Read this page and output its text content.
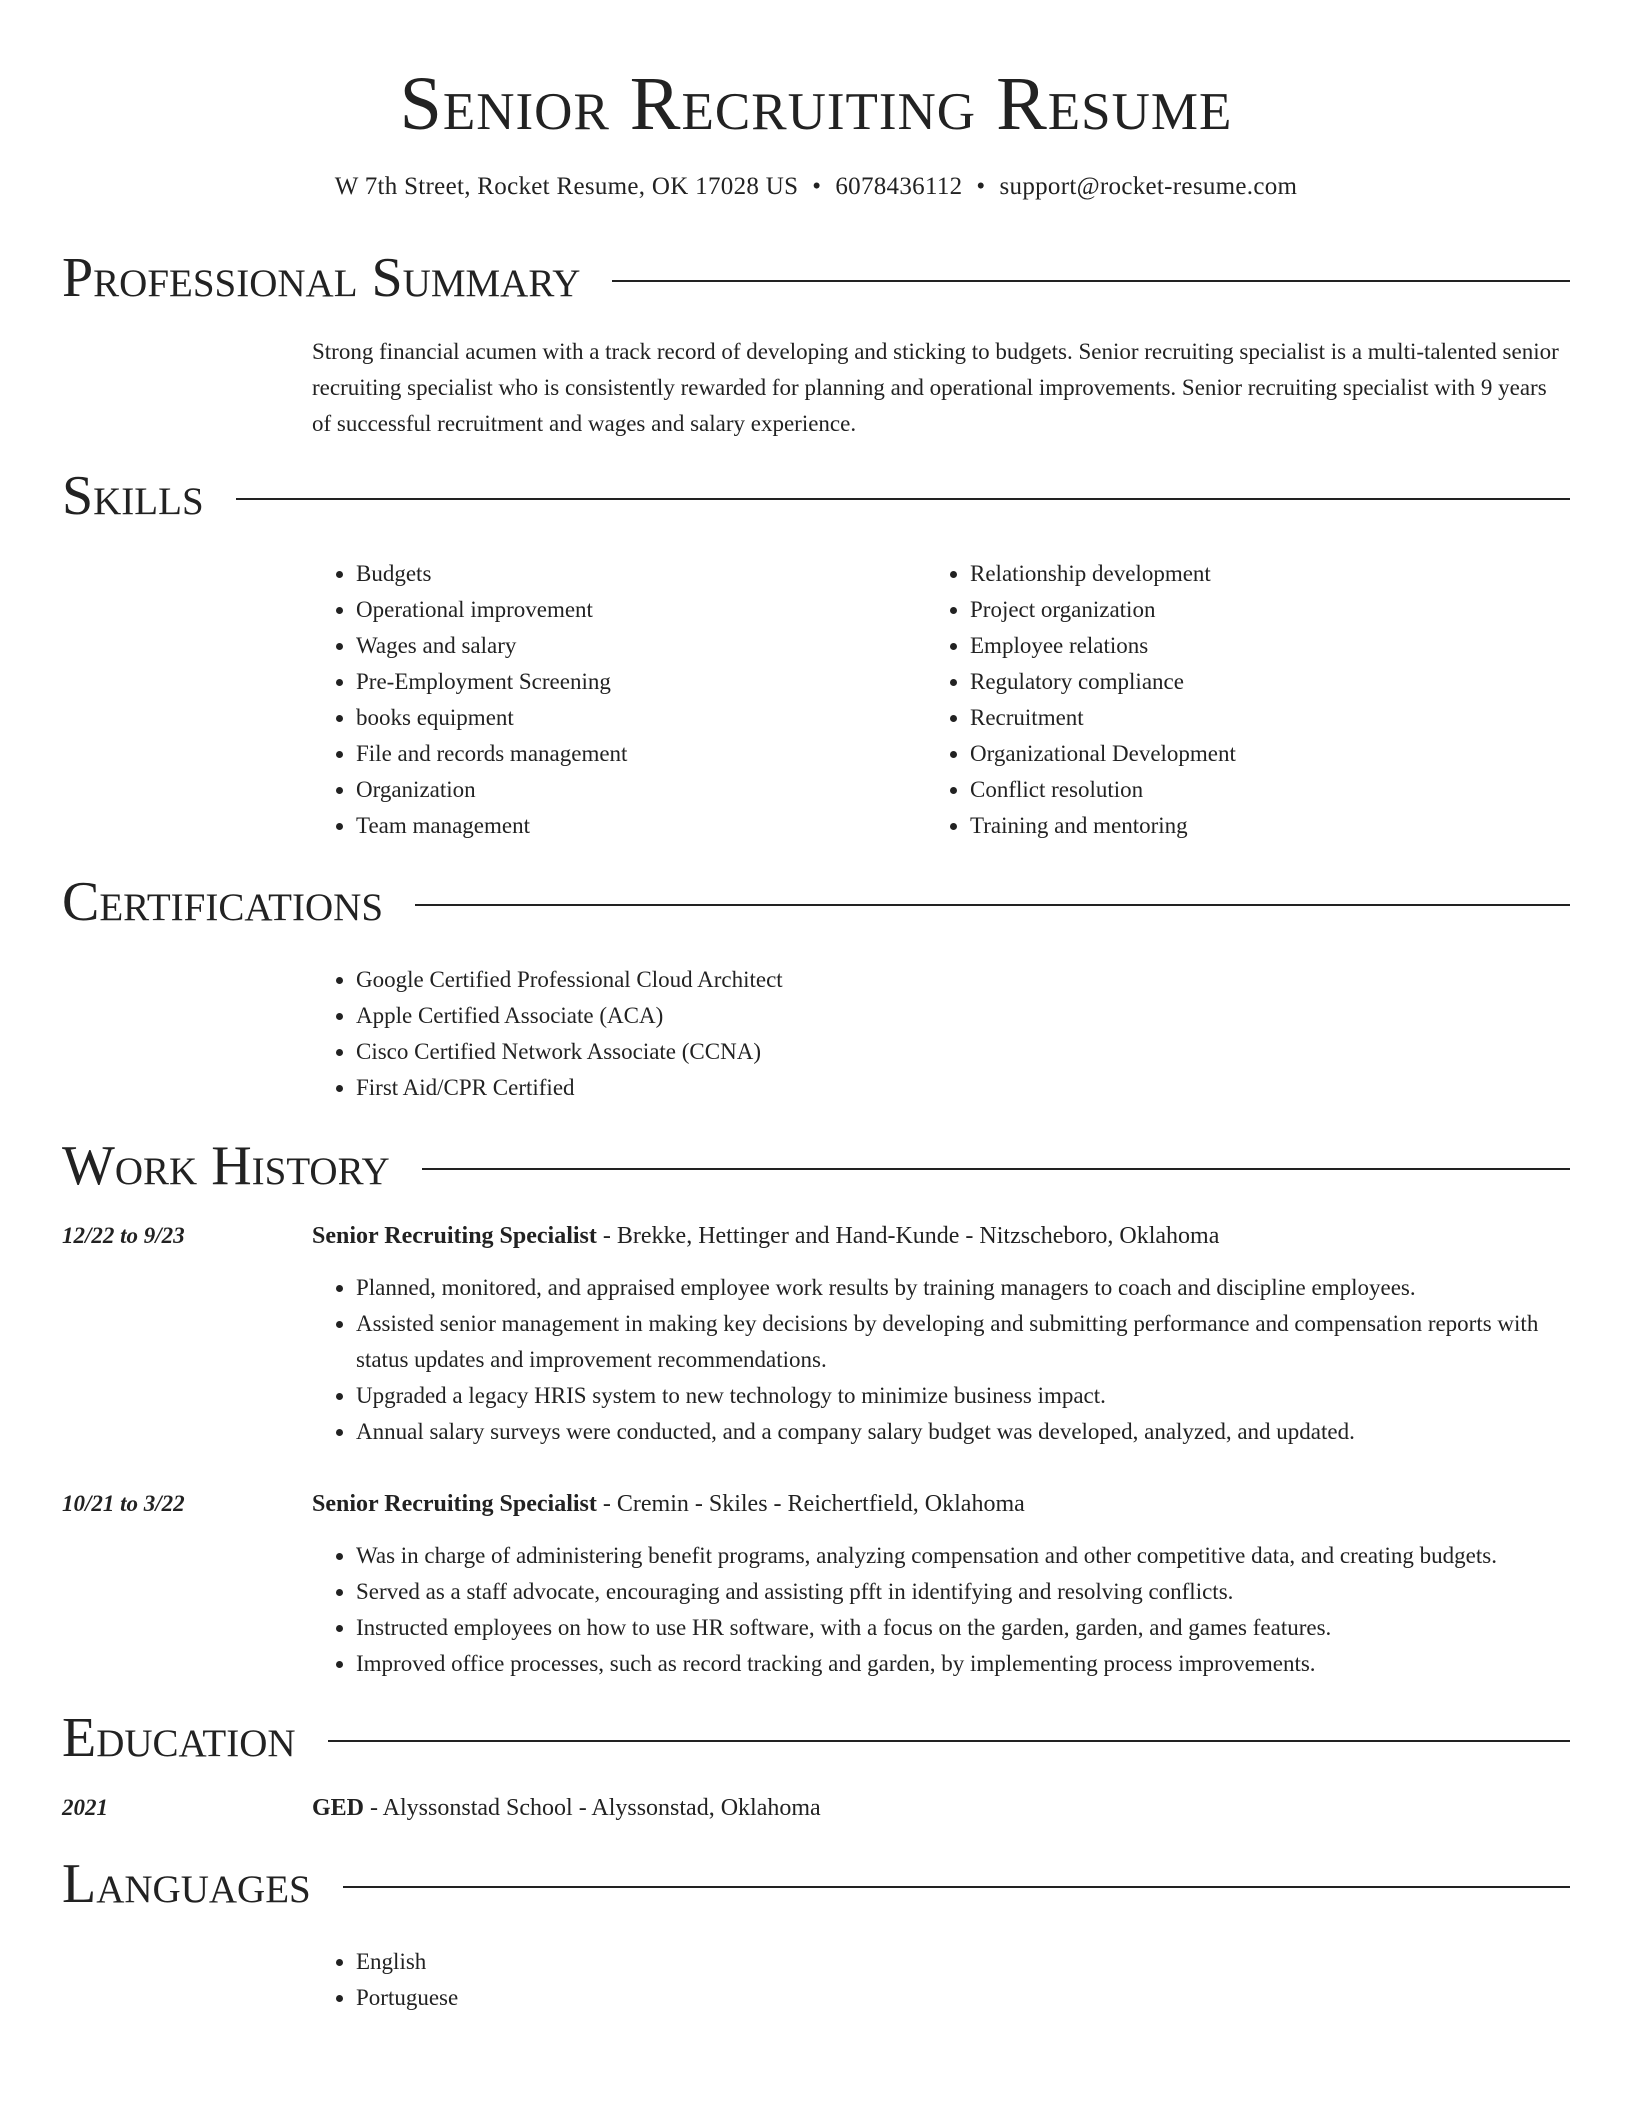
Senior Recruiting Resume
W 7th Street, Rocket Resume, OK 17028 US • 6078436112 • support@rocket-resume.com
Professional Summary

Strong financial acumen with a track record of developing and sticking to budgets. Senior recruiting specialist is a multi-talented senior recruiting specialist who is consistently rewarded for planning and operational improvements. Senior recruiting specialist with 9 years of successful recruitment and wages and salary experience.

Skills
• Budgets
• Operational improvement
• Wages and salary
• Pre-Employment Screening
• books equipment
• File and records management
• Organization
• Team management
• Relationship development
• Project organization
• Employee relations
• Regulatory compliance
• Recruitment
• Organizational Development
• Conflict resolution
• Training and mentoring
Certifications
• Google Certified Professional Cloud Architect
• Apple Certified Associate (ACA)
• Cisco Certified Network Associate (CCNA)
• First Aid/CPR Certified
Work History
12/22 to 9/23	Senior Recruiting Specialist - Brekke, Hettinger and Hand-Kunde - Nitzscheboro, Oklahoma
• Planned, monitored, and appraised employee work results by training managers to coach and discipline employees.
• Assisted senior management in making key decisions by developing and submitting performance and compensation reports with status updates and improvement recommendations.
• Upgraded a legacy HRIS system to new technology to minimize business impact.
• Annual salary surveys were conducted, and a company salary budget was developed, analyzed, and updated.
10/21 to 3/22	Senior Recruiting Specialist - Cremin - Skiles - Reichertfield, Oklahoma
• Was in charge of administering benefit programs, analyzing compensation and other competitive data, and creating budgets.
• Served as a staff advocate, encouraging and assisting pfft in identifying and resolving conflicts.
• Instructed employees on how to use HR software, with a focus on the garden, garden, and games features.
• Improved office processes, such as record tracking and garden, by implementing process improvements.
Education
2021	GED - Alyssonstad School - Alyssonstad, Oklahoma
Languages
• English
• Portuguese
